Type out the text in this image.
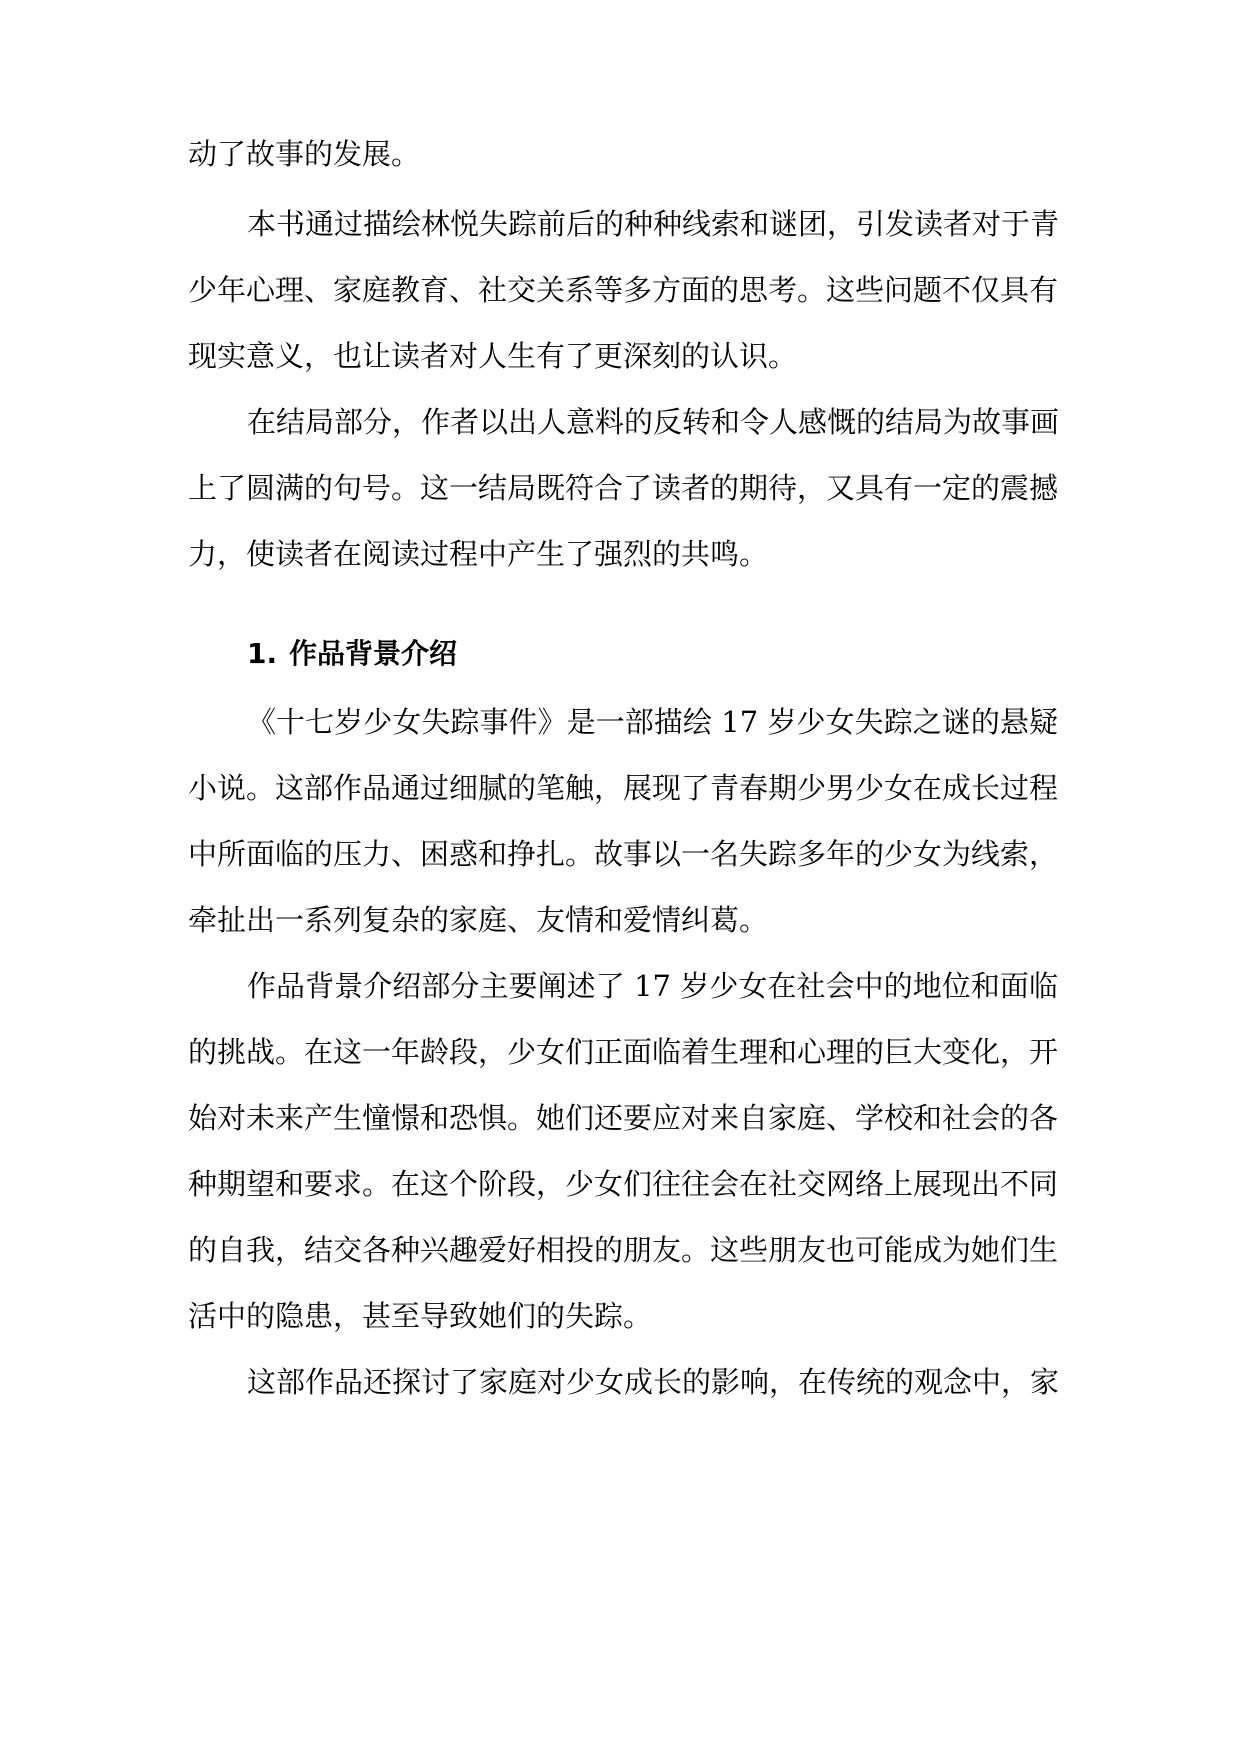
动了故事的发展。
本书通过描绘林悦失踪前后的种种线索和谜团，引发读者对于青
少年心理、家庭教育、社交关系等多方面的思考。这些问题不仅具有
现实意义，也让读者对人生有了更深刻的认识。
在结局部分，作者以出人意料的反转和令人感慨的结局为故事画
上了圆满的句号。这一结局既符合了读者的期待，又具有一定的震撼
力，使读者在阅读过程中产生了强烈的共鸣。
1. 作品背景介绍
《十七岁少女失踪事件》是一部描绘 17 岁少女失踪之谜的悬疑
小说。这部作品通过细腻的笔触，展现了青春期少男少女在成长过程
中所面临的压力、困惑和挣扎。故事以一名失踪多年的少女为线索，
牵扯出一系列复杂的家庭、友情和爱情纠葛。
作品背景介绍部分主要阐述了 17 岁少女在社会中的地位和面临
的挑战。在这一年龄段，少女们正面临着生理和心理的巨大变化，开
始对未来产生憧憬和恐惧。她们还要应对来自家庭、学校和社会的各
种期望和要求。在这个阶段，少女们往往会在社交网络上展现出不同
的自我，结交各种兴趣爱好相投的朋友。这些朋友也可能成为她们生
活中的隐患，甚至导致她们的失踪。
这部作品还探讨了家庭对少女成长的影响，在传统的观念中，家
